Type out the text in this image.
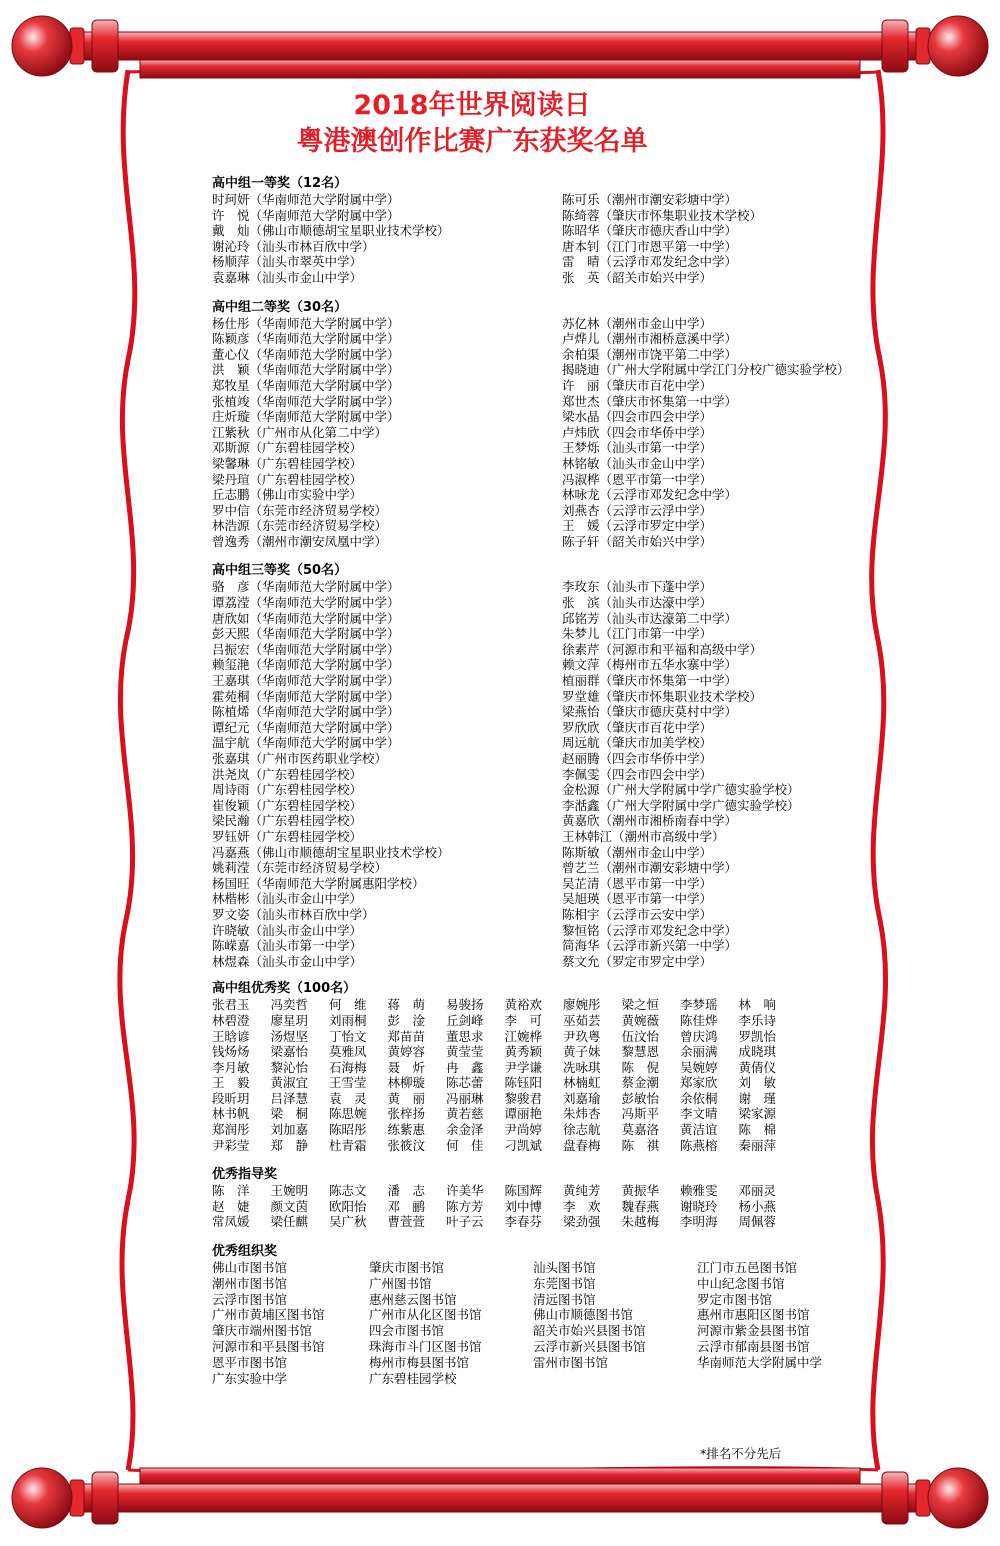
2018年世界阅读日
粤港澳创作比赛广东获奖名单
高中组一等奖（12名）
时珂妍（华南师范大学附属中学）	陈可乐（潮州市潮安彩塘中学）
许　悦（华南师范大学附属中学）	陈绮蓉（肇庆市怀集职业技术学校）
戴　灿（佛山市顺德胡宝星职业技术学校）	陈昭华（肇庆市德庆香山中学）
谢沁玲（汕头市林百欣中学）	唐本钊（江门市恩平第一中学）
杨顺萍（汕头市翠英中学）	雷　晴（云浮市邓发纪念中学）
袁嘉琳（汕头市金山中学）	张　英（韶关市始兴中学）
高中组二等奖（30名）
杨仕彤（华南师范大学附属中学）	苏亿林（潮州市金山中学）
陈颖彦（华南师范大学附属中学）	卢烨儿（潮州市湘桥意溪中学）
董心仪（华南师范大学附属中学）	余柏渠（潮州市饶平第二中学）
洪　颖（华南师范大学附属中学）	揭晓迪（广州大学附属中学江门分校广德实验学校）
郑牧星（华南师范大学附属中学）	许　丽（肇庆市百花中学）
张植竣（华南师范大学附属中学）	郑世杰（肇庆市怀集第一中学）
庄炘璇（华南师范大学附属中学）	梁水晶（四会市四会中学）
江紫秋（广州市从化第二中学）	卢炜欣（四会市华侨中学）
邓斯源（广东碧桂园学校）	王梦烁（汕头市第一中学）
梁馨琳（广东碧桂园学校）	林铭敏（汕头市金山中学）
梁丹瑄（广东碧桂园学校）	冯淑桦（恩平市第一中学）
丘志鹏（佛山市实验中学）	林咏龙（云浮市邓发纪念中学）
罗中信（东莞市经济贸易学校）	刘燕杏（云浮市云浮中学）
林浩源（东莞市经济贸易学校）	王　媛（云浮市罗定中学）
曾逸秀（潮州市潮安凤凰中学）	陈子轩（韶关市始兴中学）
高中组三等奖（50名）
骆　彦（华南师范大学附属中学）	李玫东（汕头市下蓬中学）
谭荔滢（华南师范大学附属中学）	张　滨（汕头市达濠中学）
唐欣如（华南师范大学附属中学）	邱铭芳（汕头市达濠第二中学）
彭天熙（华南师范大学附属中学）	朱梦儿（江门市第一中学）
吕振宏（华南师范大学附属中学）	徐素芹（河源市和平福和高级中学）
赖玺滟（华南师范大学附属中学）	赖文萍（梅州市五华水寨中学）
王嘉琪（华南师范大学附属中学）	植丽群（肇庆市怀集第一中学）
霍苑桐（华南师范大学附属中学）	罗堂雄（肇庆市怀集职业技术学校）
陈植烯（华南师范大学附属中学）	梁燕怡（肇庆市德庆莫村中学）
谭纪元（华南师范大学附属中学）	罗欣欣（肇庆市百花中学）
温宇航（华南师范大学附属中学）	周远航（肇庆市加美学校）
张嘉琪（广州市医药职业学校）	赵丽腾（四会市华侨中学）
洪尧岚（广东碧桂园学校）	李佩雯（四会市四会中学）
周诗雨（广东碧桂园学校）	金松源（广州大学附属中学广德实验学校）
崔俊颖（广东碧桂园学校）	李湉鑫（广州大学附属中学广德实验学校）
梁民瀚（广东碧桂园学校）	黄嘉欣（潮州市湘桥南春中学）
罗钰妍（广东碧桂园学校）	王林韩江（潮州市高级中学）
冯嘉燕（佛山市顺德胡宝星职业技术学校）	陈斯敏（潮州市金山中学）
姚莉滢（东莞市经济贸易学校）	曾艺兰（潮州市潮安彩塘中学）
杨国旺（华南师范大学附属惠阳学校）	吴芷清（恩平市第一中学）
林楷彬（汕头市金山中学）	吴旭瑛（恩平市第一中学）
罗文姿（汕头市林百欣中学）	陈相宇（云浮市云安中学）
许晓敏（汕头市金山中学）	黎恒铭（云浮市邓发纪念中学）
陈嵘嘉（汕头市第一中学）	简海华（云浮市新兴第一中学）
林煜森（汕头市金山中学）	蔡文允（罗定市罗定中学）
高中组优秀奖（100名）
张君玉	冯奕哲	何　维	蒋　萌	易骏扬	黄裕欢	廖婉彤	梁之恒	李梦瑶	林　响
林碧澄	廖星玥	刘雨桐	彭　淦	丘剑峰	李　可	巫茹芸	黄婉薇	陈佳烨	李乐诗
王晗谚	汤煜坚	丁怡文	郑苗苗	董思求	江婉桦	尹玖粤	伍汶怡	曾庆鸿	罗凯怡
钱炀炀	梁嘉怡	莫雅凤	黄婷容	黄莹莹	黄秀颖	黄子妹	黎慧恩	余丽满	成晓琪
李月敏	黎沁怡	石海梅	聂　炘	冉　鑫	尹学谦	冼咏琪	陈　倪	吴婉婷	黄倩仪
王　毅	黄淑宜	王雪莹	林柳璇	陈芯蕾	陈钰阳	林楠虹	蔡金潮	郑家欣	刘　敏
段昕玥	吕泽慧	袁　灵	黄　丽	冯丽琳	黎骏君	刘嘉瑜	彭敏怡	余依桐	谢　瑾
林书帆	梁　桐	陈思婉	张梓扬	黄若慈	谭丽艳	朱炜杏	冯斯平	李文晴	梁家源
郑润彤	刘加嘉	陈昭彤	练紫惠	余金泽	尹尚婷	徐志航	莫嘉洛	黄洁谊	陈　棉
尹彩莹	郑　静	杜青霜	张筱汶	何　佳	刁凯斌	盘春梅	陈　祺	陈燕榕	秦丽萍
优秀指导奖
陈　洋	王婉明	陈志文	潘　志	许美华	陈国辉	黄纯芳	黄振华	赖雅雯	邓丽灵
赵　婕	颜文茵	欧阳怡	邓　鹂	陈方芳	刘中博	李　欢	魏春燕	谢晓玲	杨小燕
常凤媛	梁任麒	吴广秋	曹萱萱	叶子云	李春芬	梁劲强	朱越梅	李明海	周佩蓉
优秀组织奖
佛山市图书馆	肇庆市图书馆	汕头图书馆	江门市五邑图书馆
潮州市图书馆	广州图书馆	东莞图书馆	中山纪念图书馆
云浮市图书馆	惠州慈云图书馆	清远图书馆	罗定市图书馆
广州市黄埔区图书馆	广州市从化区图书馆	佛山市顺德图书馆	惠州市惠阳区图书馆
肇庆市端州图书馆	四会市图书馆	韶关市始兴县图书馆	河源市紫金县图书馆
河源市和平县图书馆	珠海市斗门区图书馆	云浮市新兴县图书馆	云浮市郁南县图书馆
恩平市图书馆	梅州市梅县图书馆	雷州市图书馆	华南师范大学附属中学
广东实验中学	广东碧桂园学校
*排名不分先后
